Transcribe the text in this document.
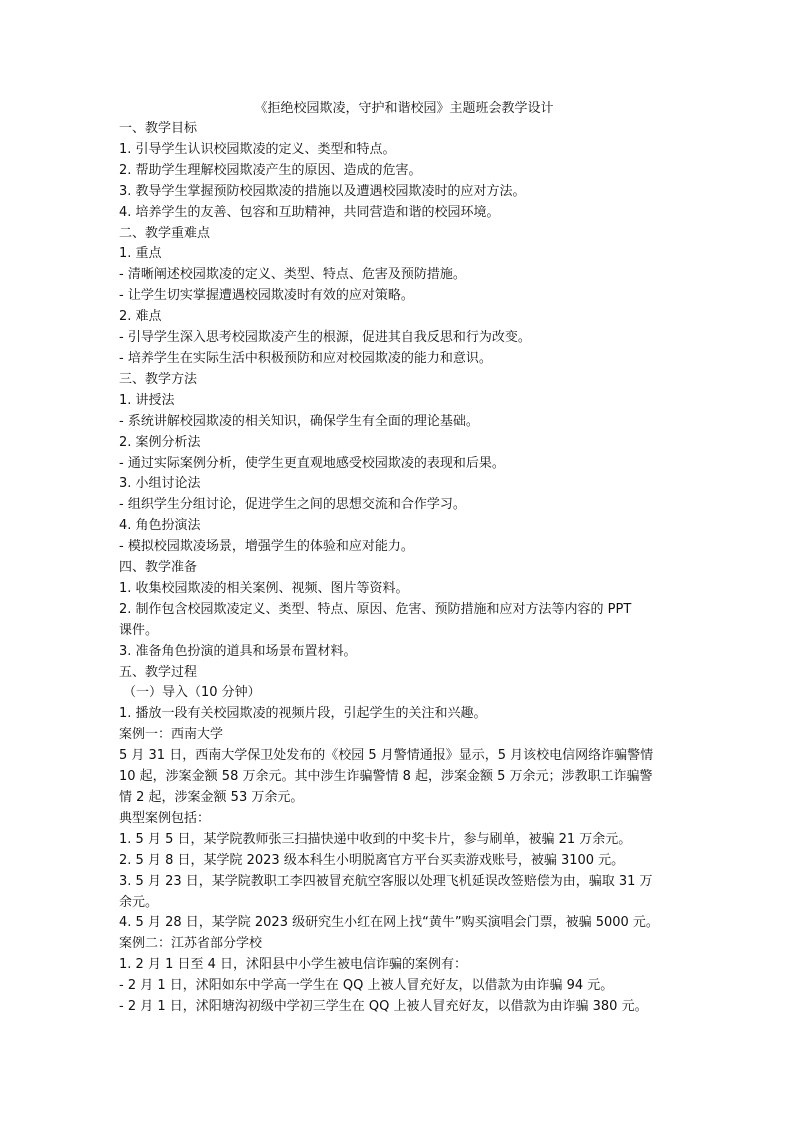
《拒绝校园欺凌，守护和谐校园》主题班会教学设计
一、教学目标
1. 引导学生认识校园欺凌的定义、类型和特点。
2. 帮助学生理解校园欺凌产生的原因、造成的危害。
3. 教导学生掌握预防校园欺凌的措施以及遭遇校园欺凌时的应对方法。
4. 培养学生的友善、包容和互助精神，共同营造和谐的校园环境。
二、教学重难点
1. 重点
- 清晰阐述校园欺凌的定义、类型、特点、危害及预防措施。
- 让学生切实掌握遭遇校园欺凌时有效的应对策略。
2. 难点
- 引导学生深入思考校园欺凌产生的根源，促进其自我反思和行为改变。
- 培养学生在实际生活中积极预防和应对校园欺凌的能力和意识。
三、教学方法
1. 讲授法
- 系统讲解校园欺凌的相关知识，确保学生有全面的理论基础。
2. 案例分析法
- 通过实际案例分析，使学生更直观地感受校园欺凌的表现和后果。
3. 小组讨论法
- 组织学生分组讨论，促进学生之间的思想交流和合作学习。
4. 角色扮演法
- 模拟校园欺凌场景，增强学生的体验和应对能力。
四、教学准备
1. 收集校园欺凌的相关案例、视频、图片等资料。
2. 制作包含校园欺凌定义、类型、特点、原因、危害、预防措施和应对方法等内容的 PPT
课件。
3. 准备角色扮演的道具和场景布置材料。
五、教学过程
（一）导入（10 分钟）
1. 播放一段有关校园欺凌的视频片段，引起学生的关注和兴趣。
案例一：西南大学
5 月 31 日，西南大学保卫处发布的《校园 5 月警情通报》显示，5 月该校电信网络诈骗警情
10 起，涉案金额 58 万余元。其中涉生诈骗警情 8 起，涉案金额 5 万余元；涉教职工诈骗警
情 2 起，涉案金额 53 万余元。
典型案例包括：
1. 5 月 5 日，某学院教师张三扫描快递中收到的中奖卡片，参与刷单，被骗 21 万余元。
2. 5 月 8 日，某学院 2023 级本科生小明脱离官方平台买卖游戏账号，被骗 3100 元。
3. 5 月 23 日，某学院教职工李四被冒充航空客服以处理飞机延误改签赔偿为由，骗取 31 万
余元。
4. 5 月 28 日，某学院 2023 级研究生小红在网上找“黄牛”购买演唱会门票，被骗 5000 元。
案例二：江苏省部分学校
1. 2 月 1 日至 4 日，沭阳县中小学生被电信诈骗的案例有：
- 2 月 1 日，沭阳如东中学高一学生在 QQ 上被人冒充好友，以借款为由诈骗 94 元。
- 2 月 1 日，沭阳塘沟初级中学初三学生在 QQ 上被人冒充好友，以借款为由诈骗 380 元。
